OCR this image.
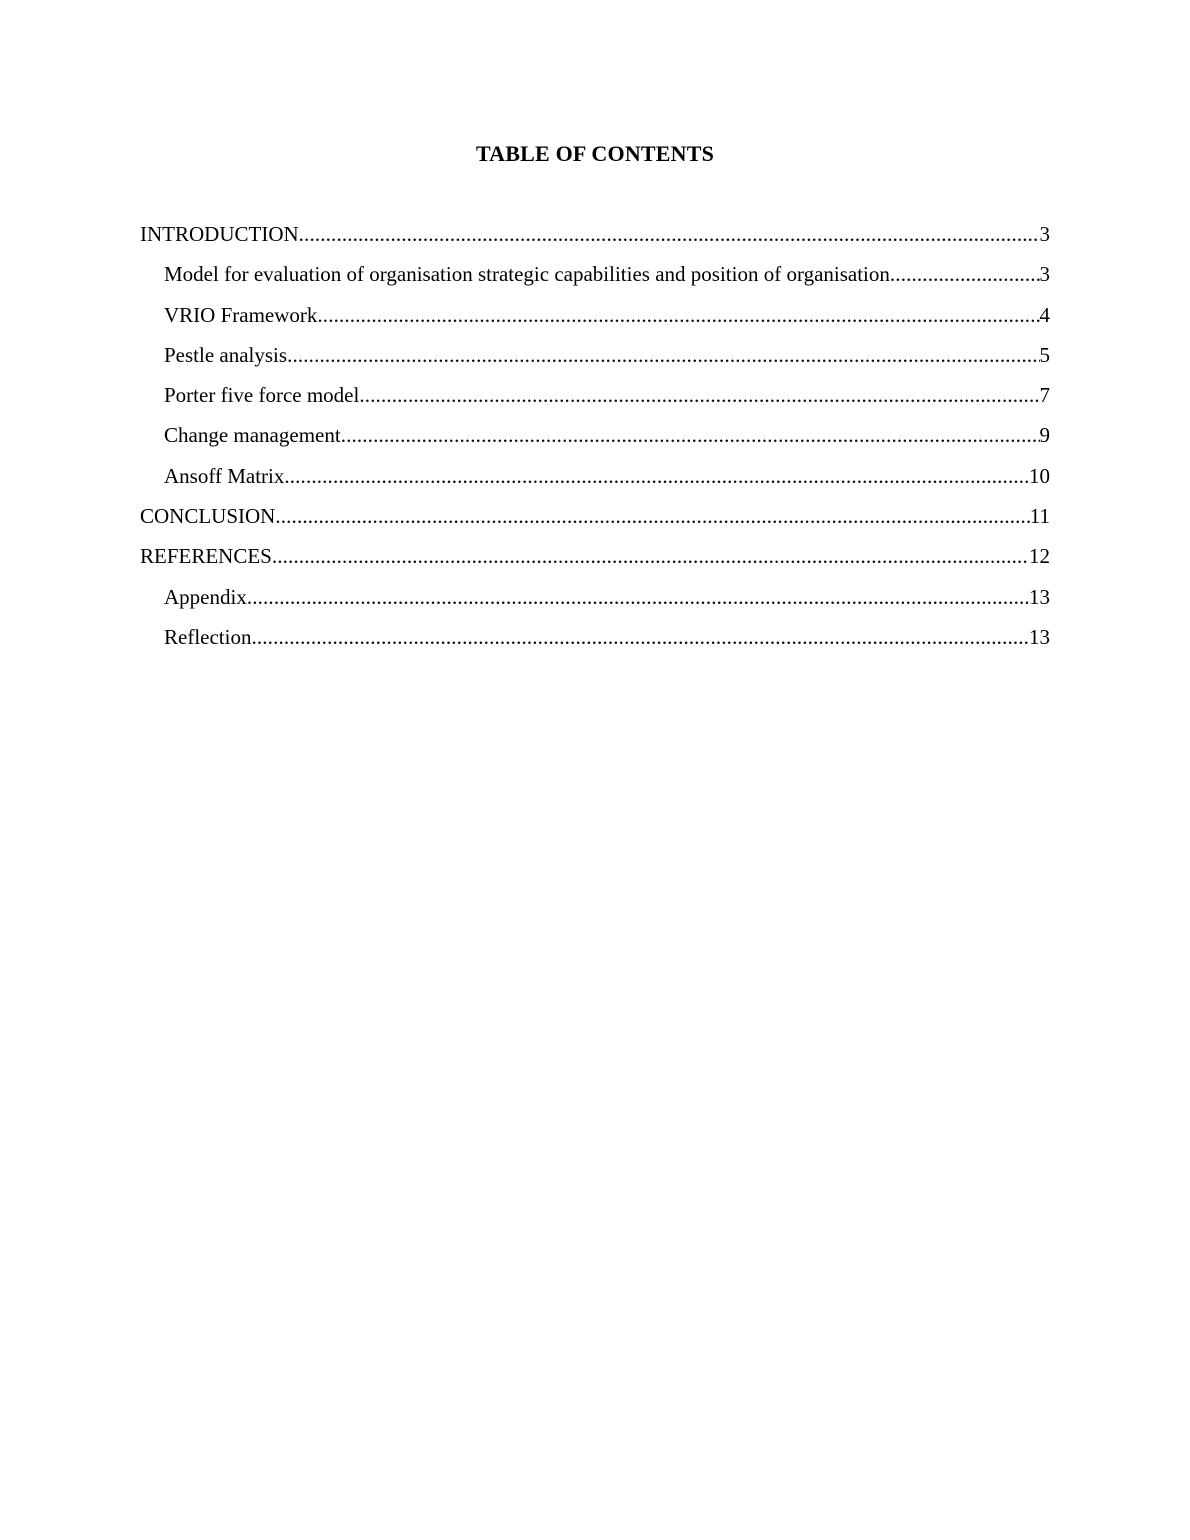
TABLE OF CONTENTS
INTRODUCTION .....	3
Model for evaluation of organisation strategic capabilities and position of organisation .....	3
VRIO Framework .....	4
Pestle analysis .....	5
Porter five force model .....	7
Change management .....	9
Ansoff Matrix .....	10
CONCLUSION .....	11
REFERENCES .....	12
Appendix .....	13
Reflection .....	13
